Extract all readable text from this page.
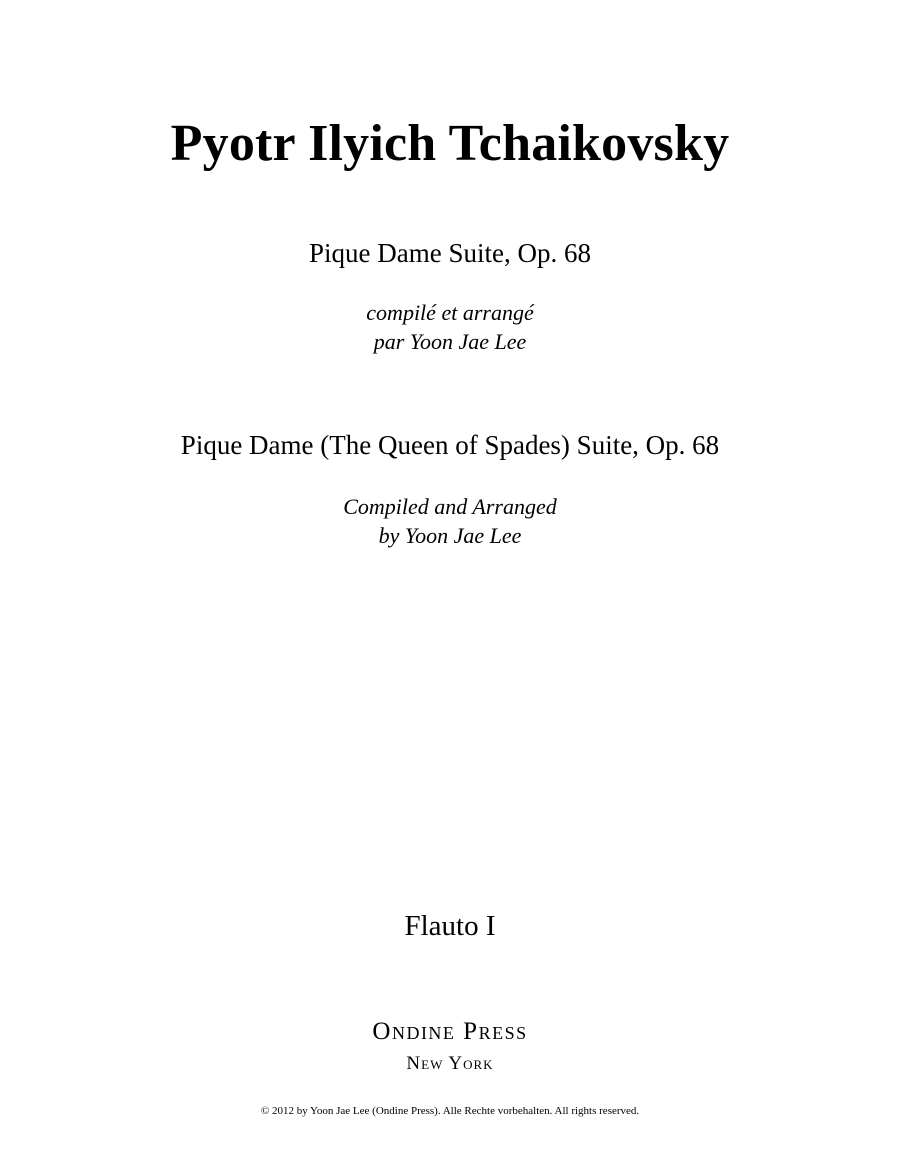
Pyotr Ilyich Tchaikovsky
Pique Dame Suite, Op. 68
compilé et arrangé
par Yoon Jae Lee
Pique Dame (The Queen of Spades) Suite, Op. 68
Compiled and Arranged
by Yoon Jae Lee
Flauto I
Ondine Press
New York
© 2012 by Yoon Jae Lee (Ondine Press). Alle Rechte vorbehalten. All rights reserved.
